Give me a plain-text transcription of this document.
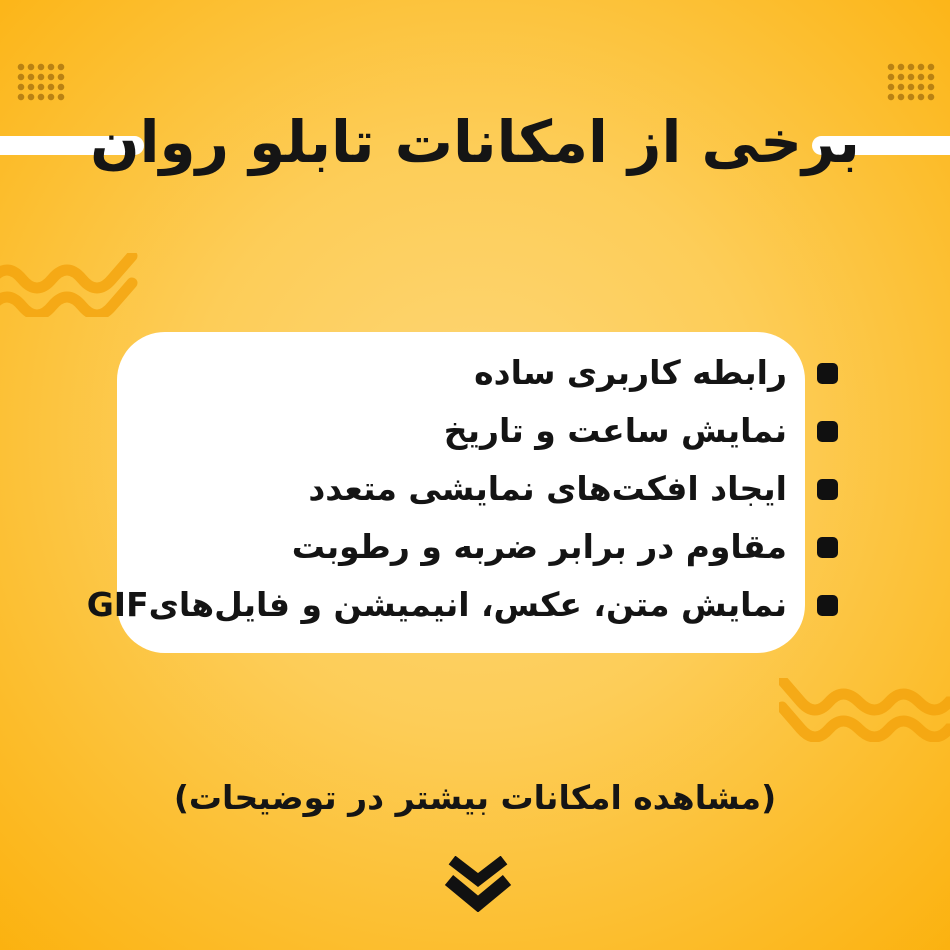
برخی از امکانات تابلو روان
رابطه کاربری ساده
نمایش ساعت و تاریخ
ایجاد افکت‌های نمایشی متعدد
مقاوم در برابر ضربه و رطوبت
نمایش متن، عکس، انیمیشن و فایل‌هایGIF
(مشاهده امکانات بیشتر در توضیحات)
